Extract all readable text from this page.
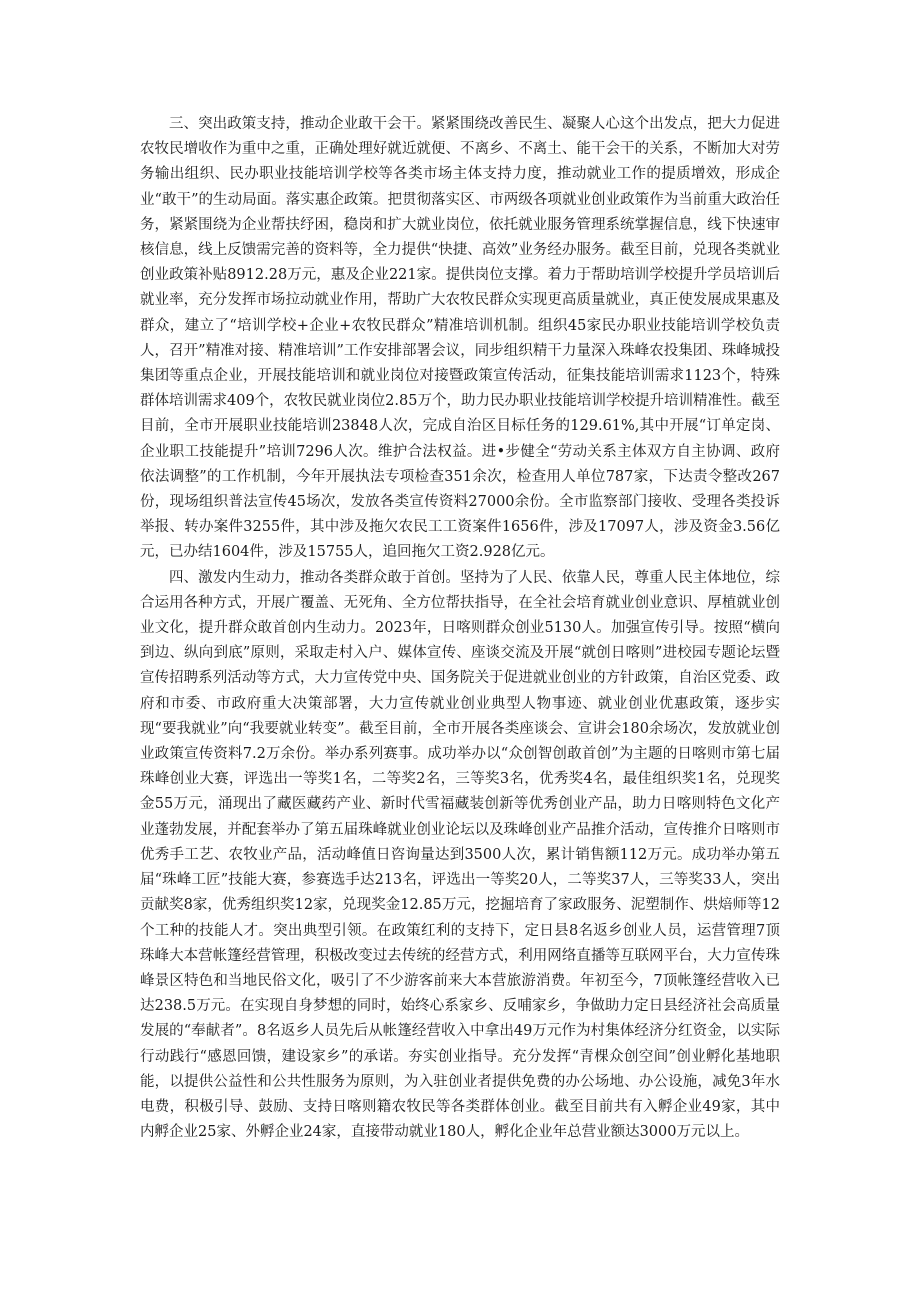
三、突出政策支持，推动企业敢干会干。紧紧围绕改善民生、凝聚人心这个出发点，把大力促进农牧民增收作为重中之重，正确处理好就近就便、不离乡、不离土、能干会干的关系，不断加大对劳务输出组织、民办职业技能培训学校等各类市场主体支持力度，推动就业工作的提质增效，形成企业“敢干”的生动局面。落实惠企政策。把贯彻落实区、市两级各项就业创业政策作为当前重大政治任务，紧紧围绕为企业帮扶纾困，稳岗和扩大就业岗位，依托就业服务管理系统掌握信息，线下快速审核信息，线上反馈需完善的资料等，全力提供“快捷、高效”业务经办服务。截至目前，兑现各类就业创业政策补贴8912.28万元，惠及企业221家。提供岗位支撑。着力于帮助培训学校提升学员培训后就业率，充分发挥市场拉动就业作用，帮助广大农牧民群众实现更高质量就业，真正使发展成果惠及群众，建立了“培训学校+企业+农牧民群众”精准培训机制。组织45家民办职业技能培训学校负责人，召开”精准对接、精准培训”工作安排部署会议，同步组织精干力量深入珠峰农投集团、珠峰城投集团等重点企业，开展技能培训和就业岗位对接暨政策宣传活动，征集技能培训需求1123个，特殊群体培训需求409个，农牧民就业岗位2.85万个，助力民办职业技能培训学校提升培训精准性。截至目前，全市开展职业技能培训23848人次，完成自治区目标任务的129.61%,其中开展“订单定岗、企业职工技能提升”培训7296人次。维护合法权益。进•步健全“劳动关系主体双方自主协调、政府依法调整”的工作机制，今年开展执法专项检查351余次，检查用人单位787家，下达责令整改267份，现场组织普法宣传45场次，发放各类宣传资料27000余份。全市监察部门接收、受理各类投诉举报、转办案件3255件，其中涉及拖欠农民工工资案件1656件，涉及17097人，涉及资金3.56亿元，已办结1604件，涉及15755人，追回拖欠工资2.928亿元。

四、激发内生动力，推动各类群众敢于首创。坚持为了人民、依靠人民，尊重人民主体地位，综合运用各种方式，开展广覆盖、无死角、全方位帮扶指导，在全社会培育就业创业意识、厚植就业创业文化，提升群众敢首创内生动力。2023年，日喀则群众创业5130人。加强宣传引导。按照“横向到边、纵向到底”原则，采取走村入户、媒体宣传、座谈交流及开展“就创日喀则”进校园专题论坛暨宣传招聘系列活动等方式，大力宣传党中央、国务院关于促进就业创业的方针政策，自治区党委、政府和市委、市政府重大决策部署，大力宣传就业创业典型人物事迹、就业创业优惠政策，逐步实现“要我就业”向“我要就业转变”。截至目前，全市开展各类座谈会、宣讲会180余场次，发放就业创业政策宣传资料7.2万余份。举办系列赛事。成功举办以“众创智创敢首创”为主题的日喀则市第七届珠峰创业大赛，评选出一等奖1名，二等奖2名，三等奖3名，优秀奖4名，最佳组织奖1名，兑现奖金55万元，涌现出了藏医藏药产业、新时代雪福藏装创新等优秀创业产品，助力日喀则特色文化产业蓬勃发展，并配套举办了第五届珠峰就业创业论坛以及珠峰创业产品推介活动，宣传推介日喀则市优秀手工艺、农牧业产品，活动峰值日咨询量达到3500人次，累计销售额112万元。成功举办第五届“珠峰工匠”技能大赛，参赛选手达213名，评选出一等奖20人，二等奖37人，三等奖33人，突出贡献奖8家，优秀组织奖12家，兑现奖金12.85万元，挖掘培育了家政服务、泥塑制作、烘焙师等12个工种的技能人才。突出典型引领。在政策红利的支持下，定日县8名返乡创业人员，运营管理7顶珠峰大本营帐篷经营管理，积极改变过去传统的经营方式，利用网络直播等互联网平台，大力宣传珠峰景区特色和当地民俗文化，吸引了不少游客前来大本营旅游消费。年初至今，7顶帐篷经营收入已达238.5万元。在实现自身梦想的同时，始终心系家乡、反哺家乡，争做助力定日县经济社会高质量发展的“奉献者”。8名返乡人员先后从帐篷经营收入中拿出49万元作为村集体经济分红资金，以实际行动践行“感恩回馈，建设家乡”的承诺。夯实创业指导。充分发挥“青棵众创空间”创业孵化基地职能，以提供公益性和公共性服务为原则，为入驻创业者提供免费的办公场地、办公设施，减免3年水电费，积极引导、鼓励、支持日喀则籍农牧民等各类群体创业。截至目前共有入孵企业49家，其中内孵企业25家、外孵企业24家，直接带动就业180人，孵化企业年总营业额达3000万元以上。
